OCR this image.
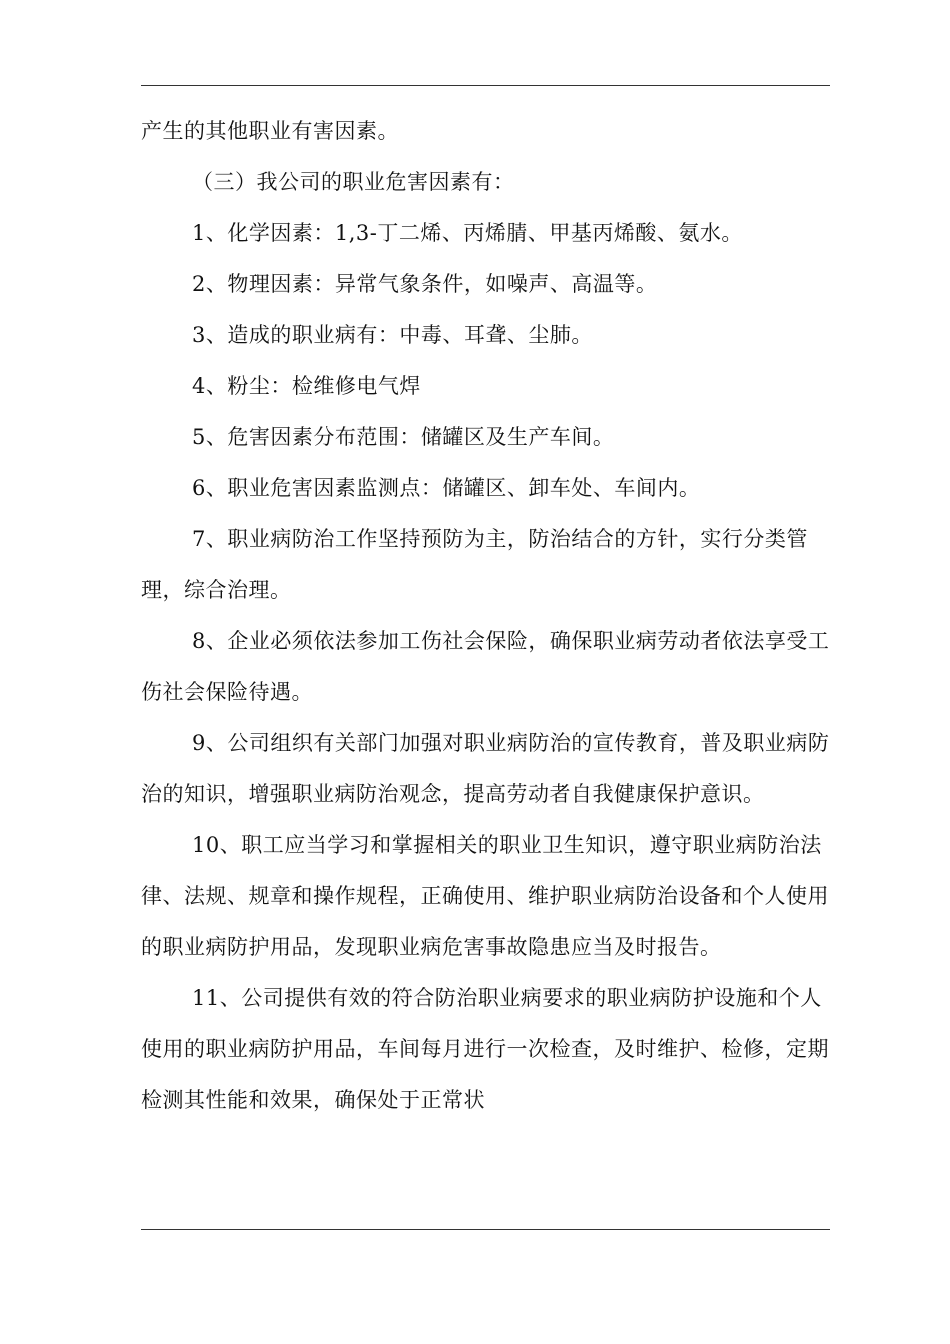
产生的其他职业有害因素。

（三）我公司的职业危害因素有：

1、化学因素：1,3-丁二烯、丙烯腈、甲基丙烯酸、氨水。

2、物理因素：异常气象条件，如噪声、高温等。

3、造成的职业病有：中毒、耳聋、尘肺。

4、粉尘：检维修电气焊

5、危害因素分布范围：储罐区及生产车间。

6、职业危害因素监测点：储罐区、卸车处、车间内。

7、职业病防治工作坚持预防为主，防治结合的方针，实行分类管理，综合治理。

8、企业必须依法参加工伤社会保险，确保职业病劳动者依法享受工伤社会保险待遇。

9、公司组织有关部门加强对职业病防治的宣传教育，普及职业病防治的知识，增强职业病防治观念，提高劳动者自我健康保护意识。

10、职工应当学习和掌握相关的职业卫生知识，遵守职业病防治法律、法规、规章和操作规程，正确使用、维护职业病防治设备和个人使用的职业病防护用品，发现职业病危害事故隐患应当及时报告。

11、公司提供有效的符合防治职业病要求的职业病防护设施和个人使用的职业病防护用品，车间每月进行一次检查，及时维护、检修，定期检测其性能和效果，确保处于正常状
